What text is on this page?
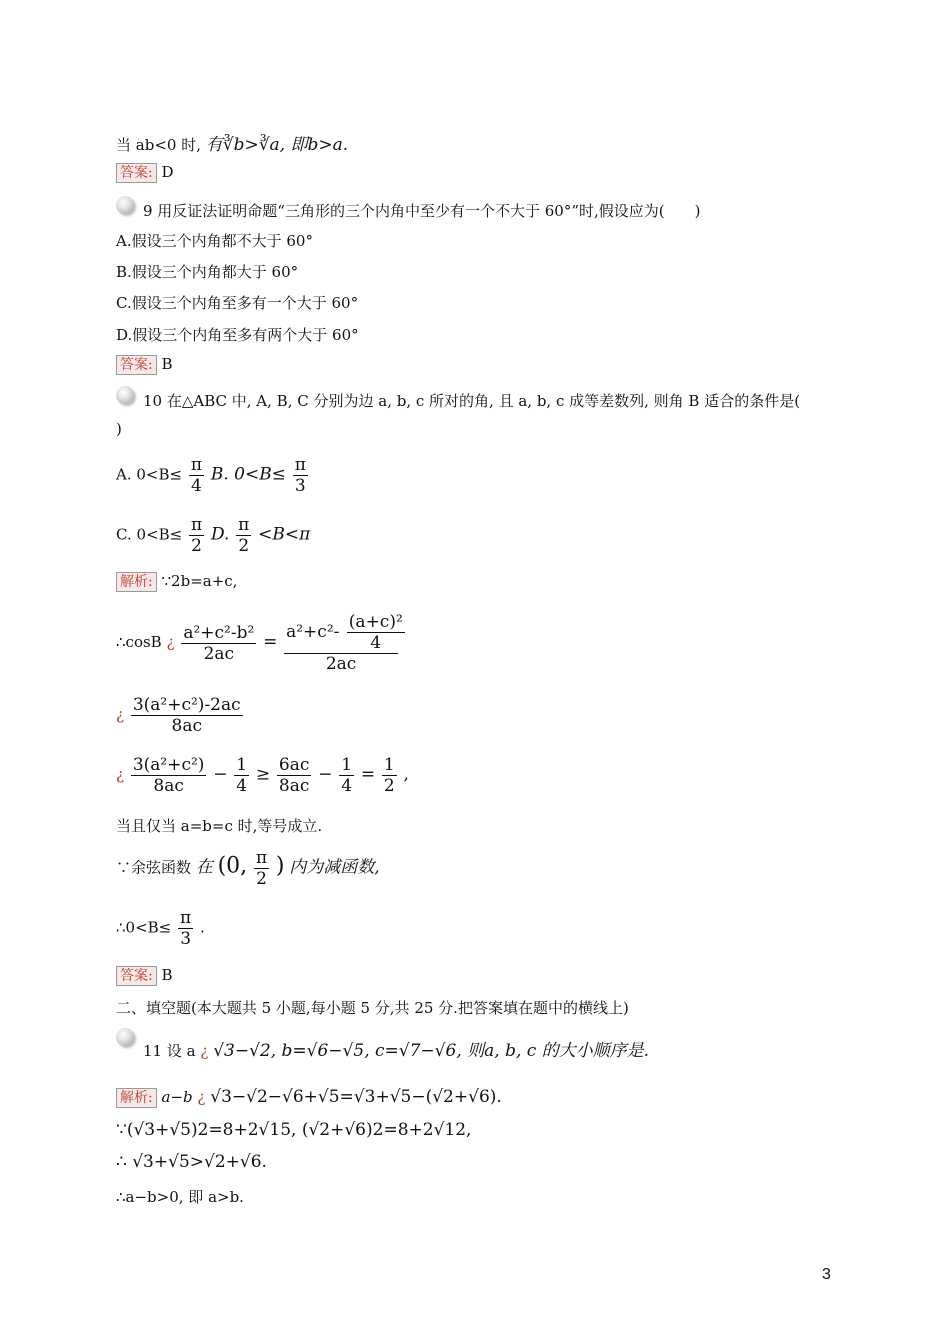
当 ab<0 时, 有∛b>∛a, 即b>a.
答案: D
9 用反证法证明命题“三角形的三个内角中至少有一个不大于 60°”时,假设应为(　　)
A.假设三个内角都不大于 60°
B.假设三个内角都大于 60°
C.假设三个内角至多有一个大于 60°
D.假设三个内角至多有两个大于 60°
答案: B
10 在△ABC 中, A, B, C 分别为边 a, b, c 所对的角, 且 a, b, c 成等差数列, 则角 B 适合的条件是(
)
A. $0<B\le \frac{\pi}{4} B$. $0<B\le \frac{\pi}{3}$
C. $0<B\le \frac{\pi}{2} D$. $\frac{\pi}{2} <B<\pi$
解析: ∵2b=a+c,
∴cosB ¿ $\frac{\text{a²+c²-b²}}{2ac} = \frac{a^2+c^2- \frac{\text{(a+c)²}}{4}}{2ac}$
¿ $\frac{\text{3(a²+c²)-2ac}}{8ac}$
¿ $\frac{\text{3(a²+c²)}}{8ac} - \frac{1}{4} \ge \frac{6ac}{8ac} - \frac{1}{4} = \frac{1}{2}$ ,
当且仅当 a=b=c 时,等号成立.
∵余弦函数 在 (0, $\frac{\pi}{2}$ ) 内为减函数,
∴0<B≤ $\frac{\pi}{3}$ .
答案: B
二、填空题(本大题共 5 小题,每小题 5 分,共 25 分.把答案填在题中的横线上)
11 设 a ¿ √3−√2, b=√6−√5, c=√7−√6, 则a, b, c 的大小顺序是.
解析: a−b ¿ √3−√2−√6+√5=√3+√5−(√2+√6).
∵(√3+√5)2=8+2√15, (√2+√6)2=8+2√12,
∴ √3+√5>√2+√6.
∴a−b>0, 即 a>b.
3
